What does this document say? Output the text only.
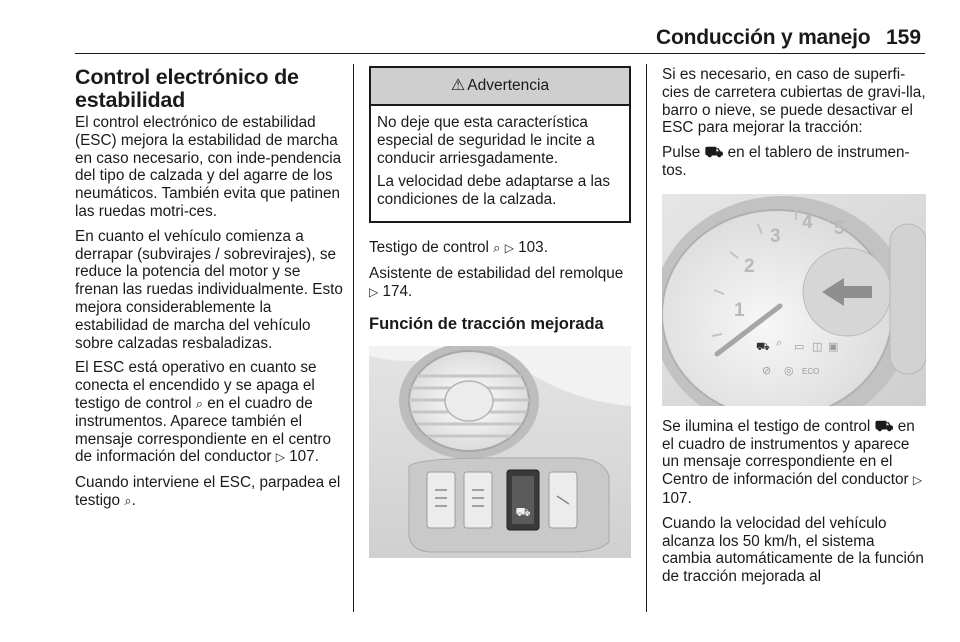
Conducción y manejo 159
Control electrónico de estabilidad

El control electrónico de estabilidad (ESC) mejora la estabilidad de marcha en caso necesario, con inde-pendencia del tipo de calzada y del agarre de los neumáticos. También evita que patinen las ruedas motri-ces.

En cuanto el vehículo comienza a derrapar (subvirajes / sobrevirajes), se reduce la potencia del motor y se frenan las ruedas individualmente. Esto mejora considerablemente la estabilidad de marcha del vehículo sobre calzadas resbaladizas.

El ESC está operativo en cuanto se conecta el encendido y se apaga el testigo de control ⌕ en el cuadro de instrumentos. Aparece también el mensaje correspondiente en el centro de información del conductor ▷ 107.

Cuando interviene el ESC, parpadea el testigo ⌕.

⚠ Advertencia

No deje que esta característica especial de seguridad le incite a conducir arriesgadamente.

La velocidad debe adaptarse a las condiciones de la calzada.

Testigo de control ⌕ ▷ 103.

Asistente de estabilidad del remolque ▷ 174.

Función de tracción mejorada
⛟

Si es necesario, en caso de superfi-cies de carretera cubiertas de gravi-lla, barro o nieve, se puede desactivar el ESC para mejorar la tracción:

Pulse ⛟ en el tablero de instrumen-tos.

1
2
3
4 5
⛟ ⌕ ▭ ◫ ▣
⊘ ◎ ECO

Se ilumina el testigo de control ⛟ en el cuadro de instrumentos y aparece un mensaje correspondiente en el Centro de información del conductor ▷ 107.

Cuando la velocidad del vehículo alcanza los 50 km/h, el sistema cambia automáticamente de la función de tracción mejorada al
